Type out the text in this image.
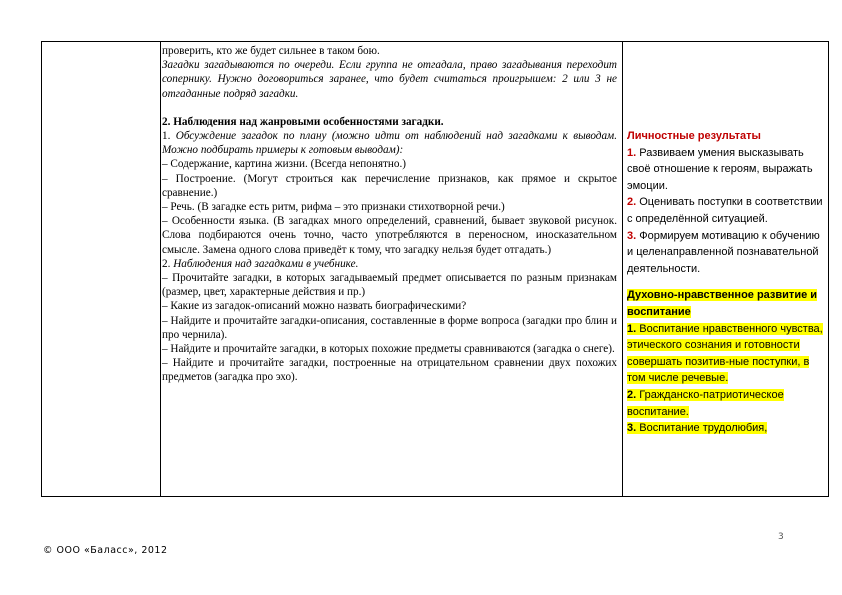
проверить, кто же будет сильнее в таком бою.

Загадки загадываются по очереди. Если группа не отгадала, право загадывания переходит сопернику. Нужно договориться заранее, что будет считаться проигрышем: 2 или 3 не отгаданные подряд загадки.

2. Наблюдения над жанровыми особенностями загадки.

1. Обсуждение загадок по плану (можно идти от наблюдений над загадками к выводам. Можно подбирать примеры к готовым выводам):

– Содержание, картина жизни. (Всегда непонятно.)

– Построение. (Могут строиться как перечисление признаков, как прямое и скрытое сравнение.)

– Речь. (В загадке есть ритм, рифма – это признаки стихотворной речи.)

– Особенности языка. (В загадках много определений, сравнений, бывает звуковой рисунок. Слова подбираются очень точно, часто употребляются в переносном, иносказательном смысле. Замена одного слова приведёт к тому, что загадку нельзя будет отгадать.)

2. Наблюдения над загадками в учебнике.

– Прочитайте загадки, в которых загадываемый предмет описывается по разным признакам (размер, цвет, характерные действия и пр.)

– Какие из загадок-описаний можно назвать биографическими?

– Найдите и прочитайте загадки-описания, составленные в форме вопроса (загадки про блин и про чернила).

– Найдите и прочитайте загадки, в которых похожие предметы сравниваются (загадка о снеге).

– Найдите и прочитайте загадки, построенные на отрицательном сравнении двух похожих предметов (загадка про эхо).

Личностные результаты

1. Развиваем умения высказывать своё отношение к героям, выражать эмоции.

2. Оценивать поступки в соответствии с определённой ситуацией.

3. Формируем мотивацию к обучению и целенаправленной познавательной деятельности.

Духовно-нравственное развитие и воспитание

1. Воспитание нравственного чувства, этического сознания и готовности совершать позитив-ные поступки, в том числе речевые.

2. Гражданско-патриотическое воспитание.

3. Воспитание трудолюбия,

3
© ООО «Баласс», 2012
